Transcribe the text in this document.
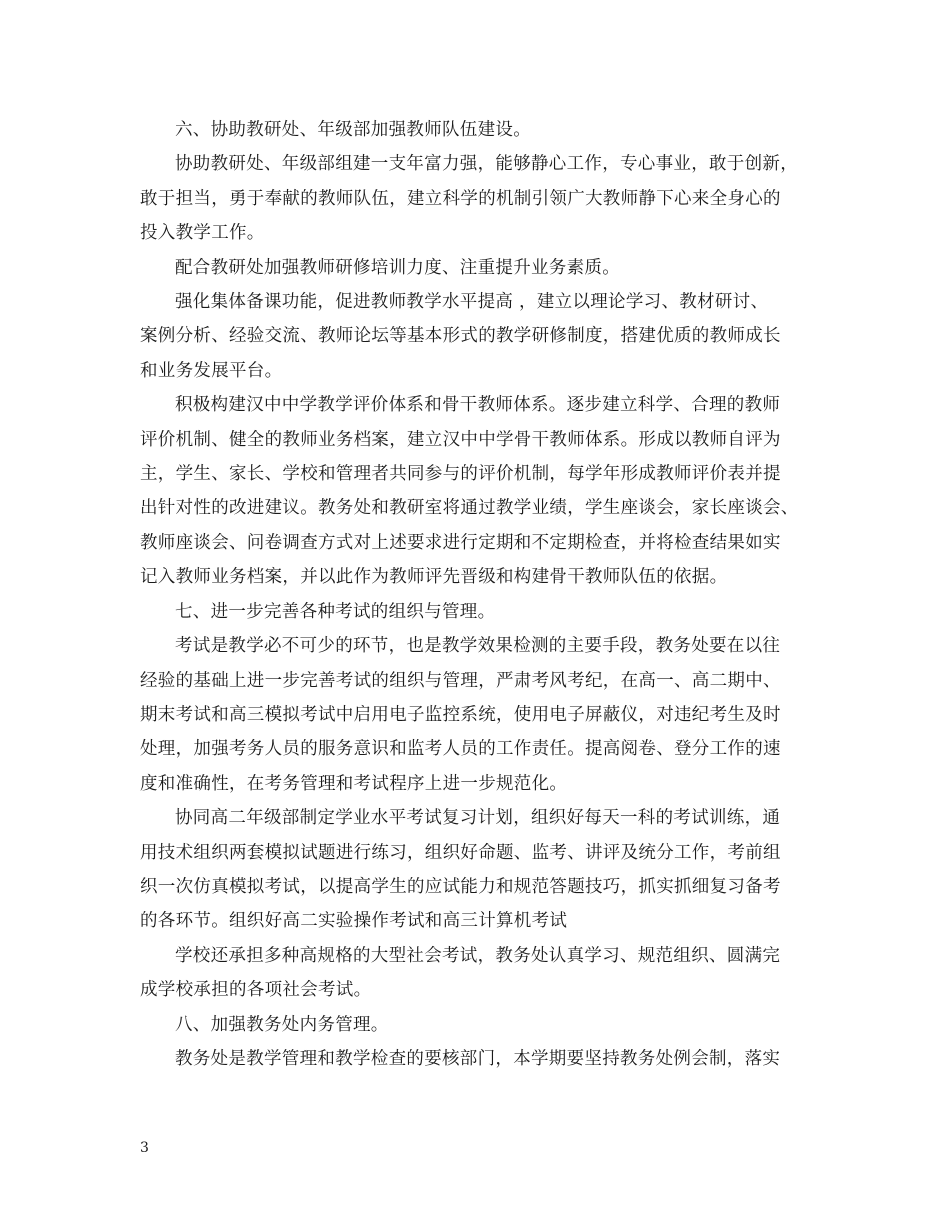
六、协助教研处、年级部加强教师队伍建设。

协助教研处、年级部组建一支年富力强，能够静心工作，专心事业，敢于创新，
敢于担当，勇于奉献的教师队伍，建立科学的机制引领广大教师静下心来全身心的
投入教学工作。

配合教研处加强教师研修培训力度、注重提升业务素质。

强化集体备课功能，促进教师教学水平提高 ，建立以理论学习、教材研讨、
案例分析、经验交流、教师论坛等基本形式的教学研修制度，搭建优质的教师成长
和业务发展平台。

积极构建汉中中学教学评价体系和骨干教师体系。逐步建立科学、合理的教师
评价机制、健全的教师业务档案，建立汉中中学骨干教师体系。形成以教师自评为
主，学生、家长、学校和管理者共同参与的评价机制，每学年形成教师评价表并提
出针对性的改进建议。教务处和教研室将通过教学业绩，学生座谈会，家长座谈会、
教师座谈会、问卷调查方式对上述要求进行定期和不定期检查，并将检查结果如实
记入教师业务档案，并以此作为教师评先晋级和构建骨干教师队伍的依据。

七、进一步完善各种考试的组织与管理。

考试是教学必不可少的环节，也是教学效果检测的主要手段，教务处要在以往
经验的基础上进一步完善考试的组织与管理，严肃考风考纪，在高一、高二期中、
期末考试和高三模拟考试中启用电子监控系统，使用电子屏蔽仪，对违纪考生及时
处理，加强考务人员的服务意识和监考人员的工作责任。提高阅卷、登分工作的速
度和准确性，在考务管理和考试程序上进一步规范化。

协同高二年级部制定学业水平考试复习计划，组织好每天一科的考试训练，通
用技术组织两套模拟试题进行练习，组织好命题、监考、讲评及统分工作，考前组
织一次仿真模拟考试，以提高学生的应试能力和规范答题技巧，抓实抓细复习备考
的各环节。组织好高二实验操作考试和高三计算机考试

学校还承担多种高规格的大型社会考试，教务处认真学习、规范组织、圆满完
成学校承担的各项社会考试。

八、加强教务处内务管理。

教务处是教学管理和教学检查的要核部门，本学期要坚持教务处例会制，落实

3
